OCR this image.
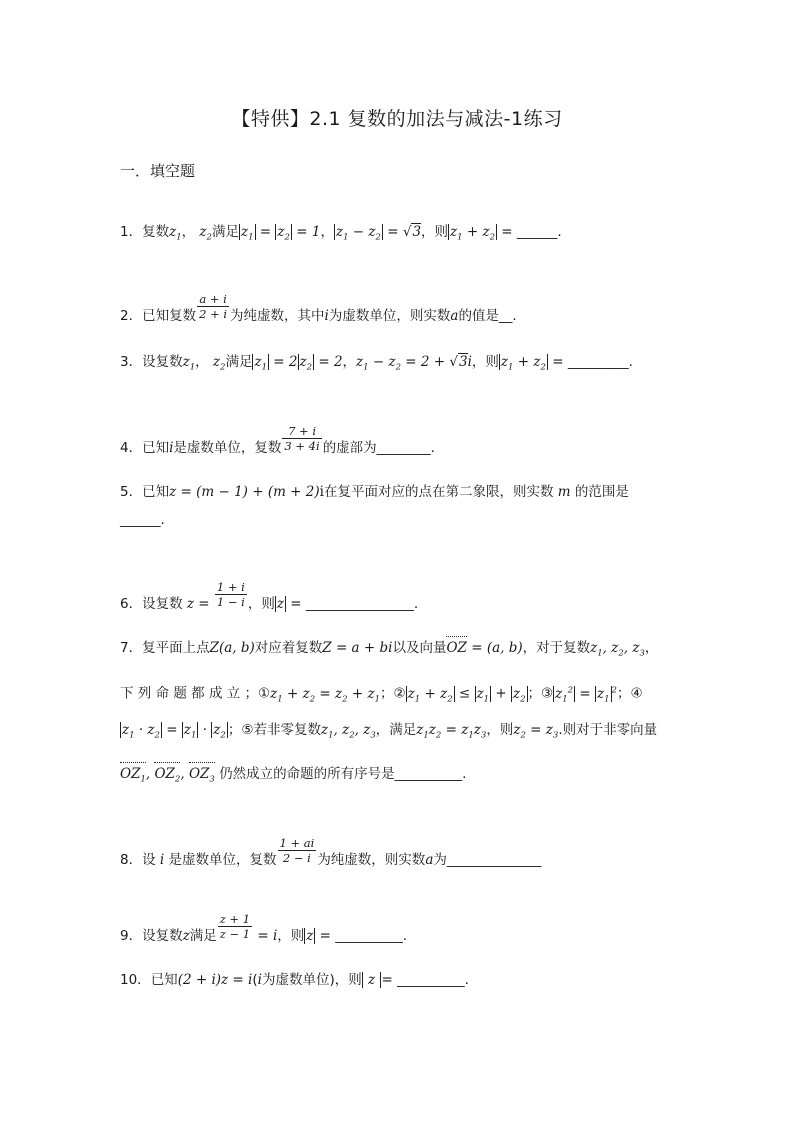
【特供】2.1 复数的加法与减法-1练习
一．填空题
1．复数$z_1$， $z_2$满足 $z_1 = z_2 = 1$， $z_1 - z_2 = √3$，则 $z_1 + z_2$ = ______.
2．已知复数 $\frac{a + i}{2 + i}$ 为纯虚数，其中i为虚数单位，则实数a的值是__.
3．设复数$z_1$， $z_2$满足 $z_1 = 2$ $z_2 = 2$，$z_1 - z_2 = 2 + √3i$，则 $z_1 + z_2$ = _________.
4．已知i是虚数单位，复数 $\frac{7 + i}{3 + 4i}$ 的虚部为________.
5．已知z = (m − 1) + (m + 2)i在复平面对应的点在第二象限，则实数 m 的范围是
______.
6．设复数 $z = \frac{1 + i}{1 - i}$ ，则 z = ________________.
7．复平面上点Z(a, b)对应着复数Z = a + bi以及向量OZ = (a, b)，对于复数$z_1$, $z_2$, $z_3$，
下 列 命 题 都 成 立 ；$①z_1 + z_2 = z_2 + z_1$；② $z_1 + z_2 \le z_1 + z_2$ ；③ $z_1^2 = z_1^2$；④
$z_1 \cdot z_2 = z_1 \cdot z_2$ ；⑤若非零复数$z_1$, $z_2$, $z_3$，满足$z_1z_2 = z_1z_3$，则$z_2 = z_3$.则对于非零向量
$OZ_1$, $OZ_2$, $OZ_3$ 仍然成立的命题的所有序号是__________.
8．设 i 是虚数单位，复数 $\frac{1 + ai}{2 - i}$ 为纯虚数，则实数a为______________
9．设复数z满足 $\frac{z + 1}{z - 1} = i$，则 z = __________.
10．已知(2 + i)z = i(i为虚数单位)，则 z = __________.
